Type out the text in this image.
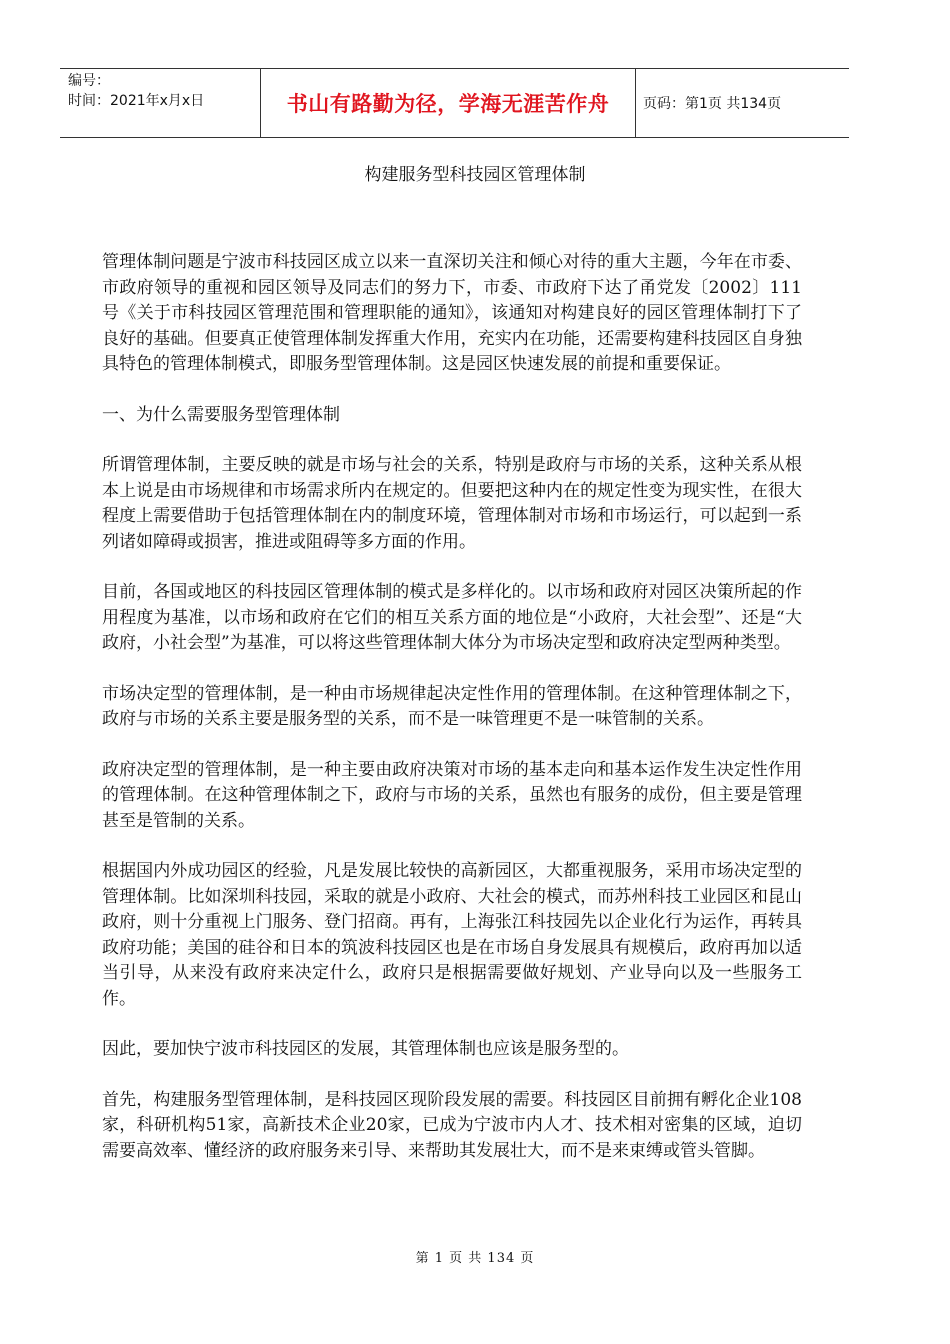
编号：
时间：2021年x月x日	书山有路勤为径，学海无涯苦作舟 页码：第1页 共134页
构建服务型科技园区管理体制

管理体制问题是宁波市科技园区成立以来一直深切关注和倾心对待的重大主题，今年在市委、市政府领导的重视和园区领导及同志们的努力下，市委、市政府下达了甬党发〔2002〕111号《关于市科技园区管理范围和管理职能的通知》，该通知对构建良好的园区管理体制打下了良好的基础。但要真正使管理体制发挥重大作用，充实内在功能，还需要构建科技园区自身独具特色的管理体制模式，即服务型管理体制。这是园区快速发展的前提和重要保证。

一、为什么需要服务型管理体制

所谓管理体制，主要反映的就是市场与社会的关系，特别是政府与市场的关系，这种关系从根本上说是由市场规律和市场需求所内在规定的。但要把这种内在的规定性变为现实性，在很大程度上需要借助于包括管理体制在内的制度环境，管理体制对市场和市场运行，可以起到一系列诸如障碍或损害，推进或阻碍等多方面的作用。

目前，各国或地区的科技园区管理体制的模式是多样化的。以市场和政府对园区决策所起的作用程度为基准，以市场和政府在它们的相互关系方面的地位是“小政府，大社会型”、还是“大政府，小社会型”为基准，可以将这些管理体制大体分为市场决定型和政府决定型两种类型。

市场决定型的管理体制，是一种由市场规律起决定性作用的管理体制。在这种管理体制之下，政府与市场的关系主要是服务型的关系，而不是一味管理更不是一味管制的关系。

政府决定型的管理体制，是一种主要由政府决策对市场的基本走向和基本运作发生决定性作用的管理体制。在这种管理体制之下，政府与市场的关系，虽然也有服务的成份，但主要是管理甚至是管制的关系。

根据国内外成功园区的经验，凡是发展比较快的高新园区，大都重视服务，采用市场决定型的管理体制。比如深圳科技园，采取的就是小政府、大社会的模式，而苏州科技工业园区和昆山政府，则十分重视上门服务、登门招商。再有，上海张江科技园先以企业化行为运作，再转具政府功能；美国的硅谷和日本的筑波科技园区也是在市场自身发展具有规模后，政府再加以适当引导，从来没有政府来决定什么，政府只是根据需要做好规划、产业导向以及一些服务工作。

因此，要加快宁波市科技园区的发展，其管理体制也应该是服务型的。

首先，构建服务型管理体制，是科技园区现阶段发展的需要。科技园区目前拥有孵化企业108家，科研机构51家，高新技术企业20家，已成为宁波市内人才、技术相对密集的区域，迫切需要高效率、懂经济的政府服务来引导、来帮助其发展壮大，而不是来束缚或管头管脚。

第 1 页 共 134 页
